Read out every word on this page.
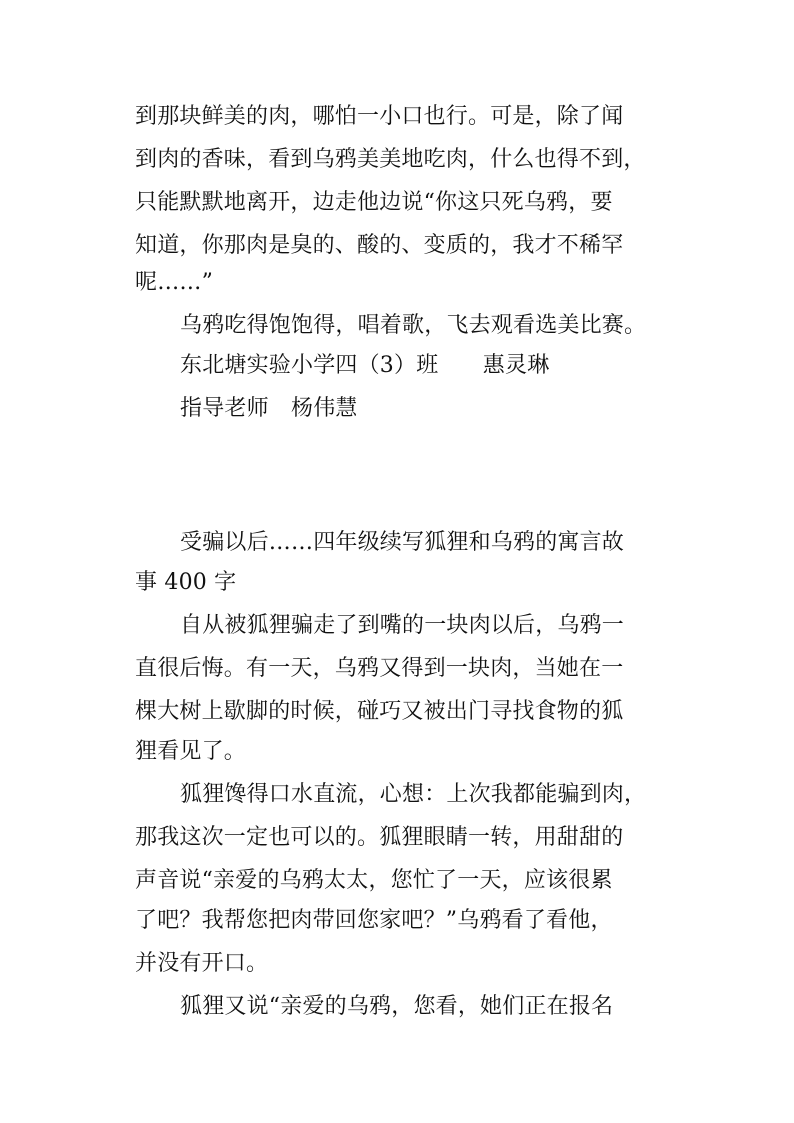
到那块鲜美的肉，哪怕一小口也行。可是，除了闻
到肉的香味，看到乌鸦美美地吃肉，什么也得不到，
只能默默地离开，边走他边说“你这只死乌鸦，要
知道，你那肉是臭的、酸的、变质的，我才不稀罕
呢……”
乌鸦吃得饱饱得，唱着歌，飞去观看选美比赛。
东北塘实验小学四（3）班　　惠灵琳
指导老师　杨伟慧
受骗以后……四年级续写狐狸和乌鸦的寓言故
事 400 字
自从被狐狸骗走了到嘴的一块肉以后，乌鸦一
直很后悔。有一天，乌鸦又得到一块肉，当她在一
棵大树上歇脚的时候，碰巧又被出门寻找食物的狐
狸看见了。
狐狸馋得口水直流，心想：上次我都能骗到肉，
那我这次一定也可以的。狐狸眼睛一转，用甜甜的
声音说“亲爱的乌鸦太太，您忙了一天，应该很累
了吧？我帮您把肉带回您家吧？”乌鸦看了看他，
并没有开口。
狐狸又说“亲爱的乌鸦，您看，她们正在报名
